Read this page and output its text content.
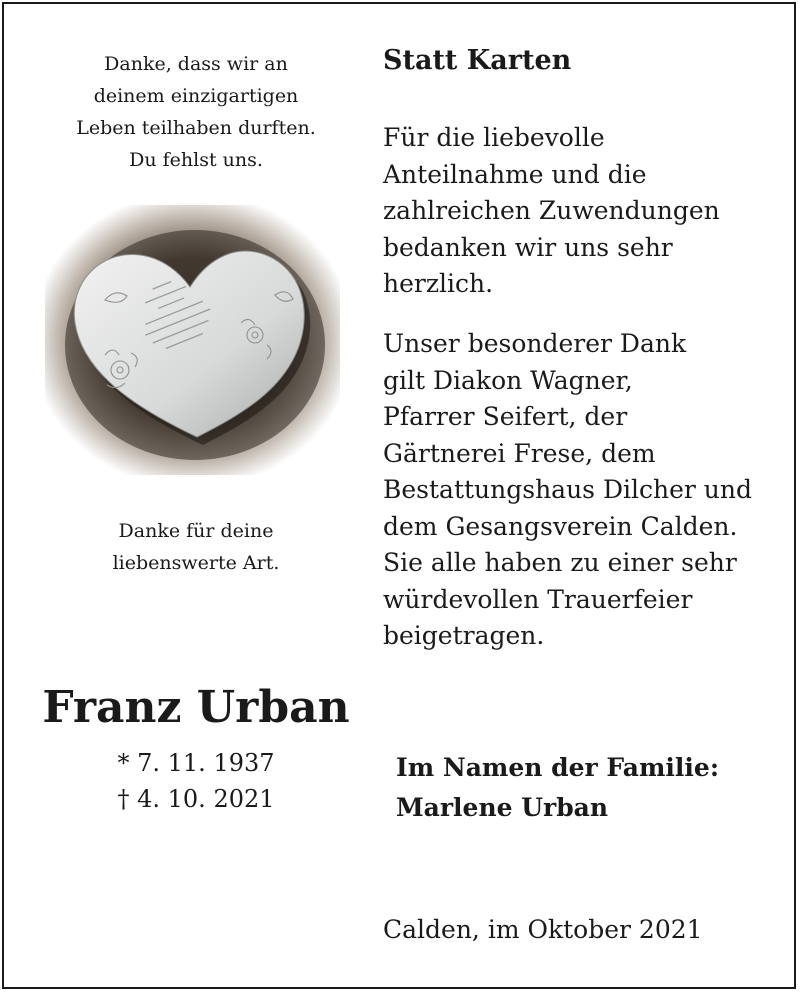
Danke, dass wir an
deinem einzigartigen
Leben teilhaben durften.
Du fehlst uns.
Danke für deine
liebenswerte Art.
Franz Urban
* 7. 11. 1937
† 4. 10. 2021
Statt Karten
Für die liebevolle
Anteilnahme und die
zahlreichen Zuwendungen
bedanken wir uns sehr
herzlich.
Unser besonderer Dank
gilt Diakon Wagner,
Pfarrer Seifert, der
Gärtnerei Frese, dem
Bestattungshaus Dilcher und
dem Gesangsverein Calden.
Sie alle haben zu einer sehr
würdevollen Trauerfeier
beigetragen.
Im Namen der Familie:
Marlene Urban
Calden, im Oktober 2021
